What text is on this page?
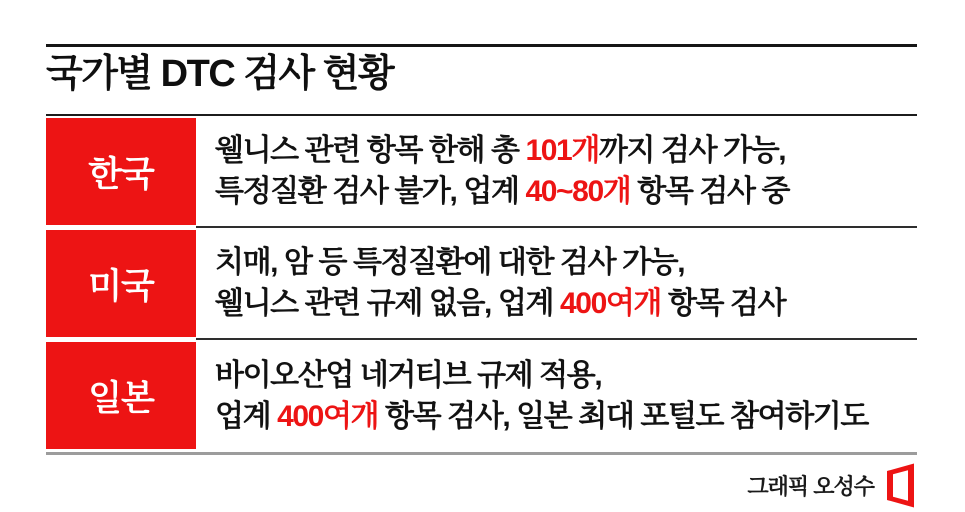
국가별 DTC 검사 현황
한국
웰니스 관련 항목 한해 총 101개까지 검사 가능,
특정질환 검사 불가, 업계 40~80개 항목 검사 중
미국
치매, 암 등 특정질환에 대한 검사 가능,
웰니스 관련 규제 없음, 업계 400여개 항목 검사
일본
바이오산업 네거티브 규제 적용,
업계 400여개 항목 검사, 일본 최대 포털도 참여하기도
그래픽 오성수
